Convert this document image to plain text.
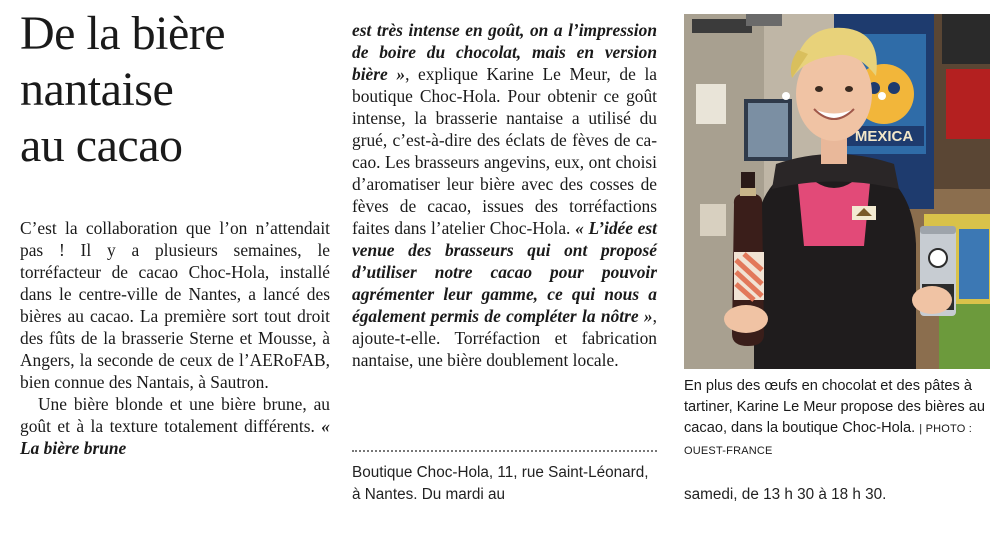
De la bière
nantaise
au cacao

C’est la collaboration que l’on n’attendait pas ! Il y a plusieurs semaines, le torréfacteur de cacao Choc-Hola, installé dans le centre-ville de Nantes, a lancé des bières au cacao. La première sort tout droit des fûts de la brasserie Sterne et Mousse, à Angers, la seconde de ceux de l’AERoFAB, bien connue des Nantais, à Sautron.

Une bière blonde et une bière brune, au goût et à la texture totalement différents. « La bière brune

est très intense en goût, on a l’impression de boire du chocolat, mais en version bière », explique Karine Le Meur, de la boutique Choc-Hola. Pour obtenir ce goût intense, la brasserie nantaise a utilisé du grué, c’est-à-dire des éclats de fèves de cacao. Les brasseurs angevins, eux, ont choisi d’aromatiser leur bière avec des cosses de fèves de cacao, issues des torréfactions faites dans l’atelier Choc-Hola. « L’idée est venue des brasseurs qui ont proposé d’utiliser notre cacao pour pouvoir agrémenter leur gamme, ce qui nous a également permis de compléter la nôtre », ajoute-t-elle. Torréfaction et fabrication nantaise, une bière doublement locale.

Boutique Choc-Hola, 11, rue Saint-Léonard, à Nantes. Du mardi au	samedi, de 13 h 30 à 18 h 30.
MEXICA
En plus des œufs en chocolat et des pâtes à tartiner, Karine Le Meur propose des bières au cacao, dans la boutique Choc-Hola. | PHOTO : OUEST-FRANCE
